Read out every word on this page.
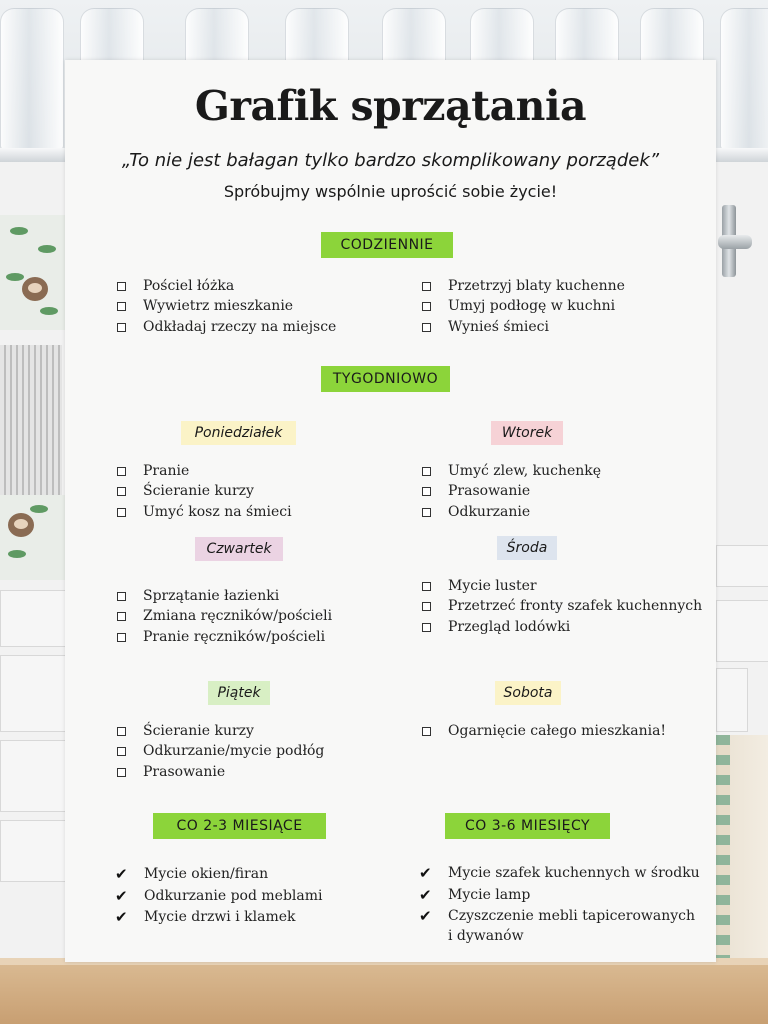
Grafik sprzątania
„To nie jest bałagan tylko bardzo skomplikowany porządek”
Spróbujmy wspólnie uprościć sobie życie!
CODZIENNIE
Pościel łóżka
Wywietrz mieszkanie
Odkładaj rzeczy na miejsce
Przetrzyj blaty kuchenne
Umyj podłogę w kuchni
Wynieś śmieci
TYGODNIOWO
Poniedziałek
Pranie
Ścieranie kurzy
Umyć kosz na śmieci
Wtorek
Umyć zlew, kuchenkę
Prasowanie
Odkurzanie
Czwartek
Sprzątanie łazienki
Zmiana ręczników/pościeli
Pranie ręczników/pościeli
Środa
Mycie luster
Przetrzeć fronty szafek kuchennych
Przegląd lodówki
Piątek
Ścieranie kurzy
Odkurzanie/mycie podłóg
Prasowanie
Sobota
Ogarnięcie całego mieszkania!
CO 2-3 MIESIĄCE
✔ Mycie okien/firan
✔ Odkurzanie pod meblami
✔ Mycie drzwi i klamek
CO 3-6 MIESIĘCY
✔ Mycie szafek kuchennych w środku
✔ Mycie lamp
✔ Czyszczenie mebli tapicerowanych
i dywanów
